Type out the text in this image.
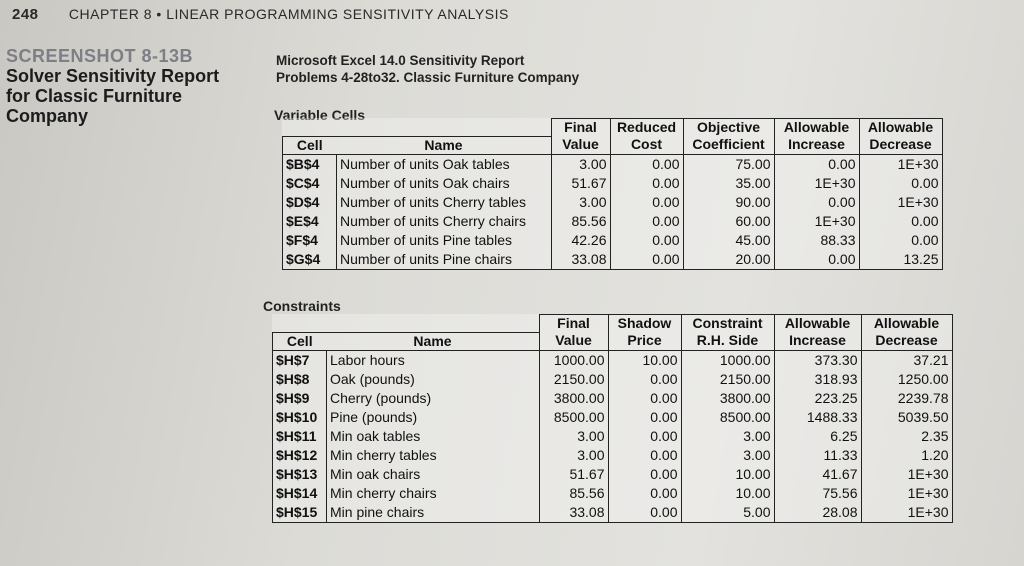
248 CHAPTER 8 • LINEAR PROGRAMMING SENSITIVITY ANALYSIS
SCREENSHOT 8-13B
Solver Sensitivity Report
for Classic Furniture
Company
Microsoft Excel 14.0 Sensitivity Report
Problems 4-28to32. Classic Furniture Company
Variable Cells
		Final	Reduced	Objective	Allowable	Allowable
Cell	Name	Value	Cost	Coefficient	Increase	Decrease
$B$4	Number of units Oak tables	3.00	0.00	75.00	0.00	1E+30
$C$4	Number of units Oak chairs	51.67	0.00	35.00	1E+30	0.00
$D$4	Number of units Cherry tables	3.00	0.00	90.00	0.00	1E+30
$E$4	Number of units Cherry chairs	85.56	0.00	60.00	1E+30	0.00
$F$4	Number of units Pine tables	42.26	0.00	45.00	88.33	0.00
$G$4	Number of units Pine chairs	33.08	0.00	20.00	0.00	13.25
Constraints
		Final	Shadow	Constraint	Allowable	Allowable
Cell	Name	Value	Price	R.H. Side	Increase	Decrease
$H$7	Labor hours	1000.00	10.00	1000.00	373.30	37.21
$H$8	Oak (pounds)	2150.00	0.00	2150.00	318.93	1250.00
$H$9	Cherry (pounds)	3800.00	0.00	3800.00	223.25	2239.78
$H$10	Pine (pounds)	8500.00	0.00	8500.00	1488.33	5039.50
$H$11	Min oak tables	3.00	0.00	3.00	6.25	2.35
$H$12	Min cherry tables	3.00	0.00	3.00	11.33	1.20
$H$13	Min oak chairs	51.67	0.00	10.00	41.67	1E+30
$H$14	Min cherry chairs	85.56	0.00	10.00	75.56	1E+30
$H$15	Min pine chairs	33.08	0.00	5.00	28.08	1E+30
